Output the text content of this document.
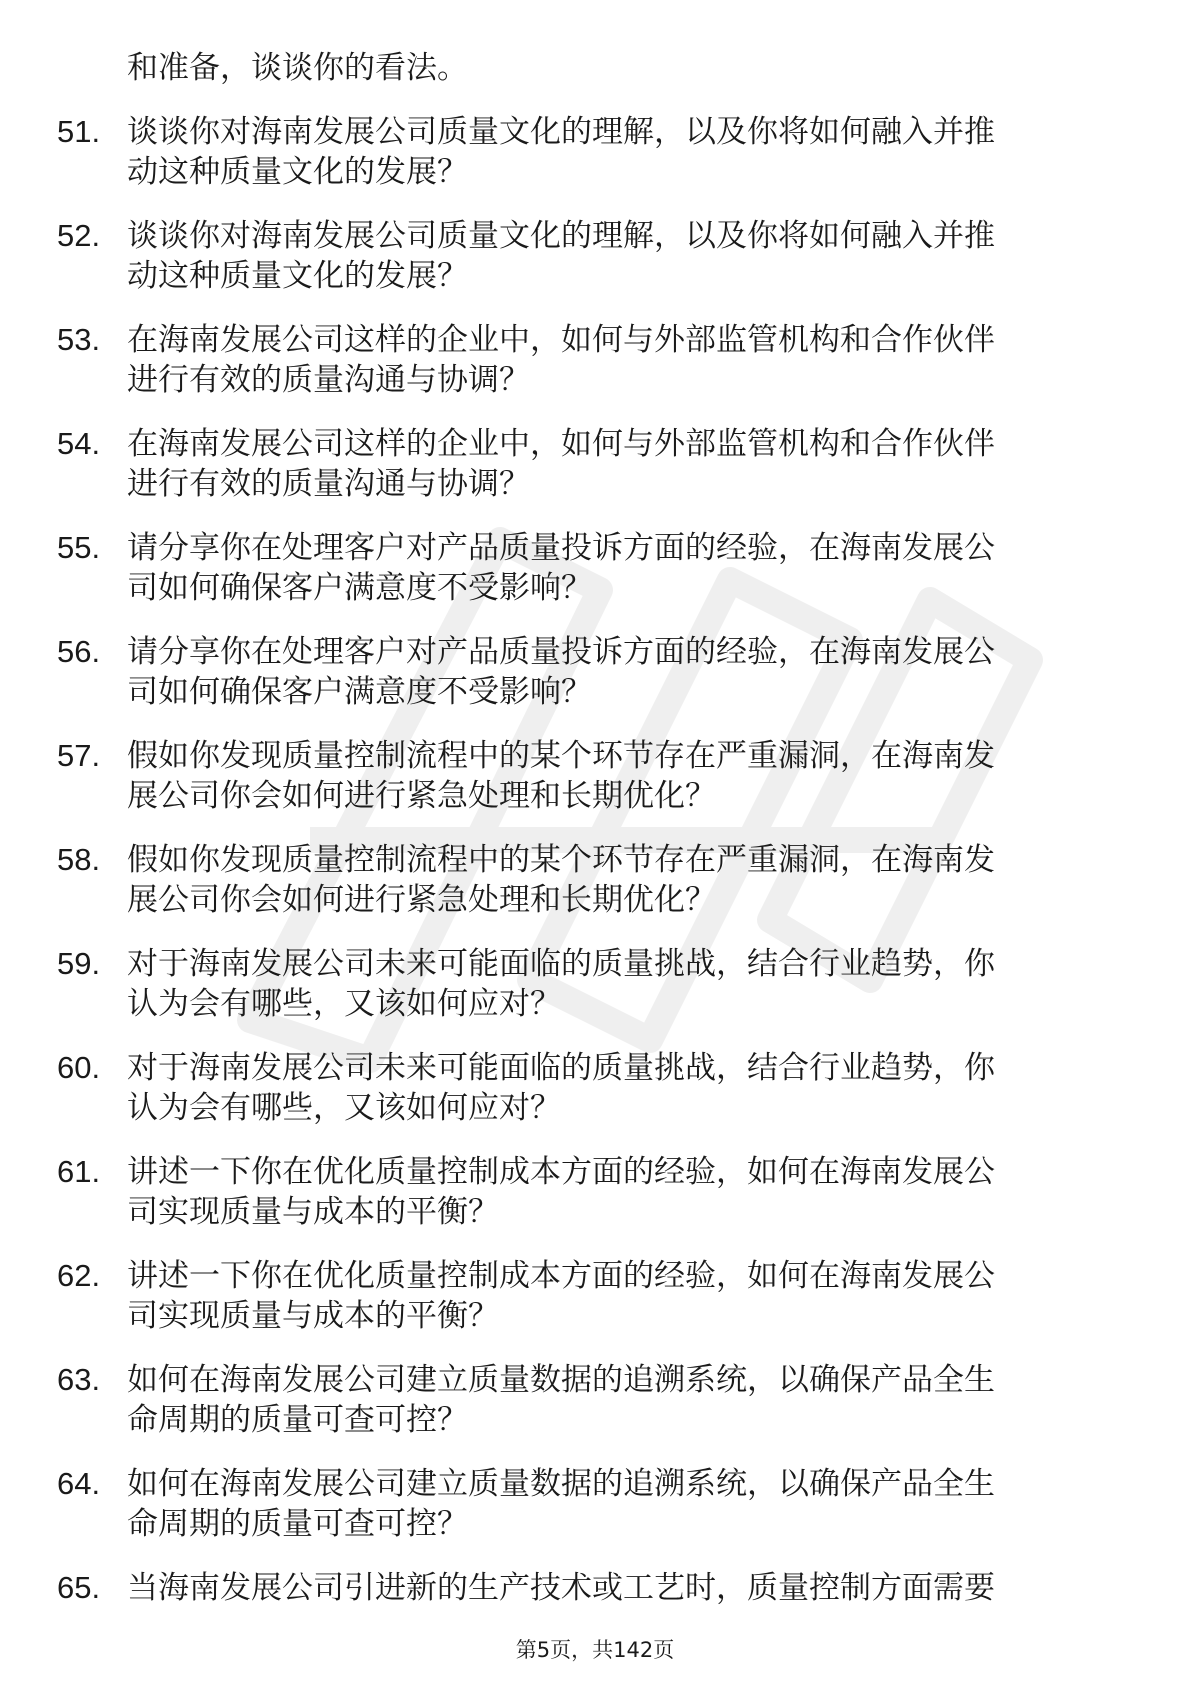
和准备，谈谈你的看法。

51. 谈谈你对海南发展公司质量文化的理解，以及你将如何融入并推
动这种质量文化的发展？
52. 谈谈你对海南发展公司质量文化的理解，以及你将如何融入并推
动这种质量文化的发展？
53. 在海南发展公司这样的企业中，如何与外部监管机构和合作伙伴
进行有效的质量沟通与协调？
54. 在海南发展公司这样的企业中，如何与外部监管机构和合作伙伴
进行有效的质量沟通与协调？
55. 请分享你在处理客户对产品质量投诉方面的经验，在海南发展公
司如何确保客户满意度不受影响？
56. 请分享你在处理客户对产品质量投诉方面的经验，在海南发展公
司如何确保客户满意度不受影响？
57. 假如你发现质量控制流程中的某个环节存在严重漏洞，在海南发
展公司你会如何进行紧急处理和长期优化？
58. 假如你发现质量控制流程中的某个环节存在严重漏洞，在海南发
展公司你会如何进行紧急处理和长期优化？
59. 对于海南发展公司未来可能面临的质量挑战，结合行业趋势，你
认为会有哪些，又该如何应对？
60. 对于海南发展公司未来可能面临的质量挑战，结合行业趋势，你
认为会有哪些，又该如何应对？
61. 讲述一下你在优化质量控制成本方面的经验，如何在海南发展公
司实现质量与成本的平衡？
62. 讲述一下你在优化质量控制成本方面的经验，如何在海南发展公
司实现质量与成本的平衡？
63. 如何在海南发展公司建立质量数据的追溯系统，以确保产品全生
命周期的质量可查可控？
64. 如何在海南发展公司建立质量数据的追溯系统，以确保产品全生
命周期的质量可查可控？
65. 当海南发展公司引进新的生产技术或工艺时，质量控制方面需要
第5页，共142页
